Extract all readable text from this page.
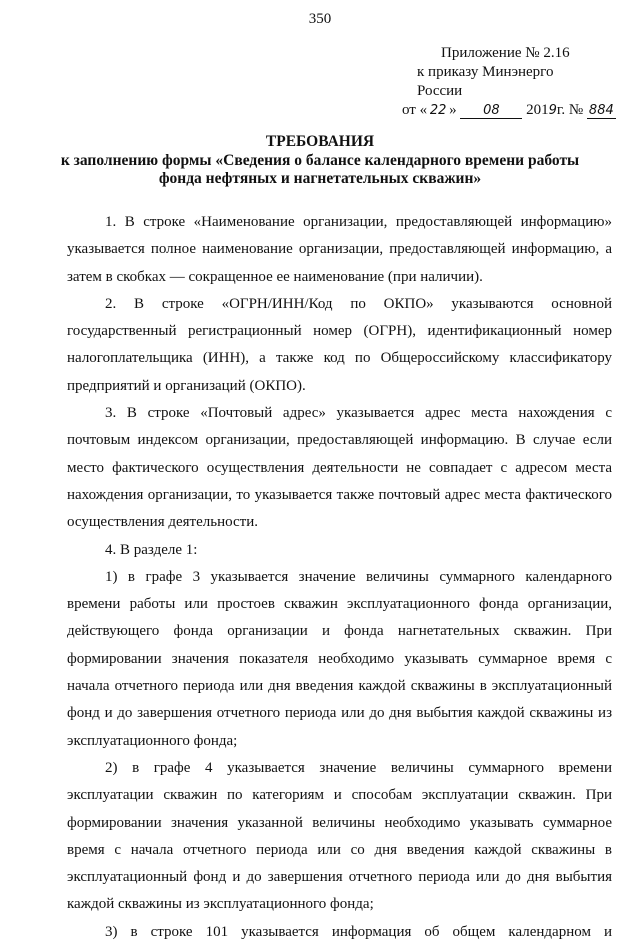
350
Приложение № 2.16
к приказу Минэнерго России
от « 22 » 08 2019г. № 884
ТРЕБОВАНИЯ
к заполнению формы «Сведения о балансе календарного времени работы
фонда нефтяных и нагнетательных скважин»

1. В строке «Наименование организации, предоставляющей информацию» указывается полное наименование организации, предоставляющей информацию, а затем в скобках — сокращенное ее наименование (при наличии).

2. В строке «ОГРН/ИНН/Код по ОКПО» указываются основной государственный регистрационный номер (ОГРН), идентификационный номер налогоплательщика (ИНН), а также код по Общероссийскому классификатору предприятий и организаций (ОКПО).

3. В строке «Почтовый адрес» указывается адрес места нахождения с почтовым индексом организации, предоставляющей информацию. В случае если место фактического осуществления деятельности не совпадает с адресом места нахождения организации, то указывается также почтовый адрес места фактического осуществления деятельности.

4. В разделе 1:

1) в графе 3 указывается значение величины суммарного календарного времени работы или простоев скважин эксплуатационного фонда организации, действующего фонда организации и фонда нагнетательных скважин. При формировании значения показателя необходимо указывать суммарное время с начала отчетного периода или дня введения каждой скважины в эксплуатационный фонд и до завершения отчетного периода или до дня выбытия каждой скважины из эксплуатационного фонда;

2) в графе 4 указывается значение величины суммарного времени эксплуатации скважин по категориям и способам эксплуатации скважин. При формировании значения указанной величины необходимо указывать суммарное время с начала отчетного периода или со дня введения каждой скважины в эксплуатационный фонд и до завершения отчетного периода или до дня выбытия каждой скважины из эксплуатационного фонда;

3) в строке 101 указывается информация об общем календарном и
